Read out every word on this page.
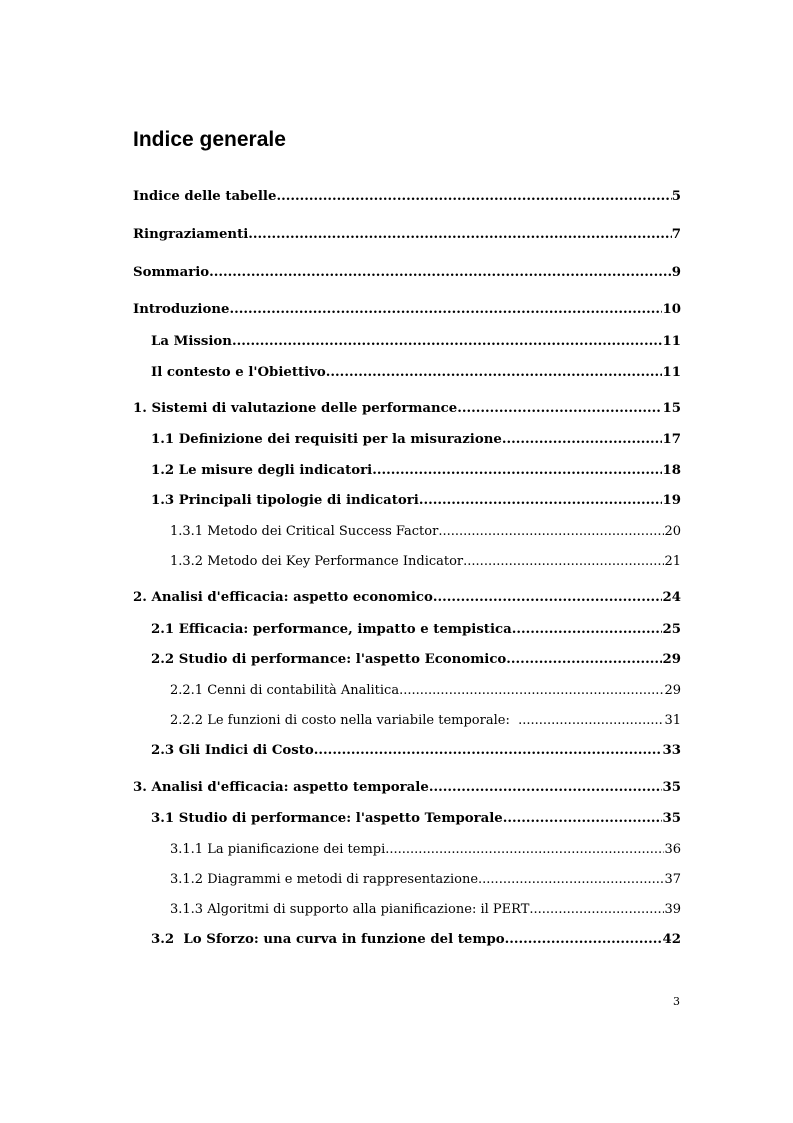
Indice generale
Indice delle tabelle .....	5
Ringraziamenti .....	7
Sommario .....	9
Introduzione .....	10
La Mission .....	11
Il contesto e l'Obiettivo .....	11
1. Sistemi di valutazione delle performance .....	15
1.1 Definizione dei requisiti per la misurazione .....	17
1.2 Le misure degli indicatori .....	18
1.3 Principali tipologie di indicatori .....	19
1.3.1 Metodo dei Critical Success Factor .....	20
1.3.2 Metodo dei Key Performance Indicator .....	21
2. Analisi d'efficacia: aspetto economico .....	24
2.1 Efficacia: performance, impatto e tempistica .....	25
2.2 Studio di performance: l'aspetto Economico .....	29
2.2.1 Cenni di contabilità Analitica. .....	29
2.2.2 Le funzioni di costo nella variabile temporale: .....	31
2.3 Gli Indici di Costo .....	33
3. Analisi d'efficacia: aspetto temporale .....	35
3.1 Studio di performance: l'aspetto Temporale .....	35
3.1.1 La pianificazione dei tempi .....	36
3.1.2 Diagrammi e metodi di rappresentazione .....	37
3.1.3 Algoritmi di supporto alla pianificazione: il PERT .....	39
3.2  Lo Sforzo: una curva in funzione del tempo .....	42
3
